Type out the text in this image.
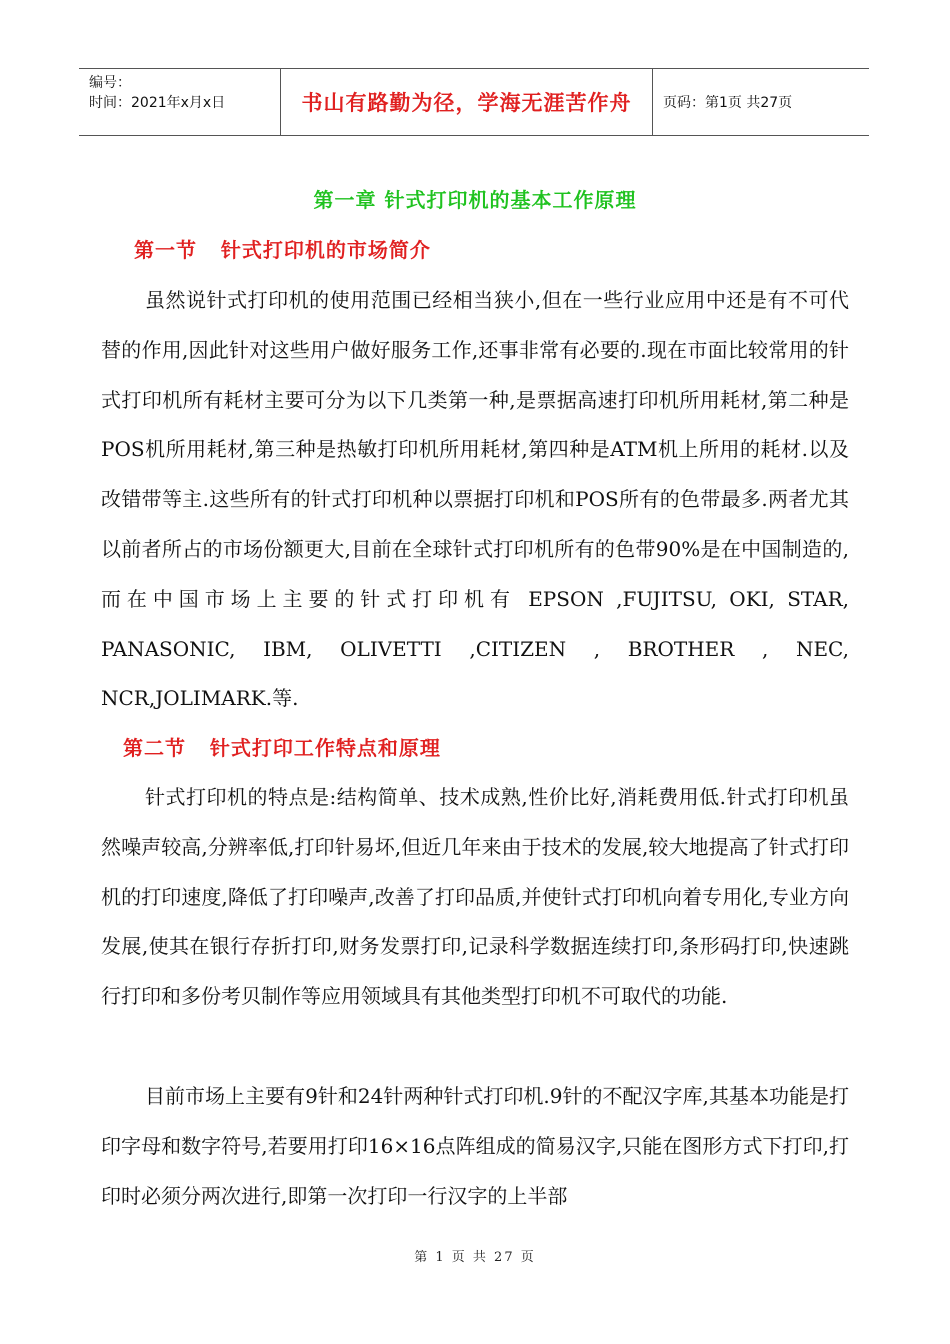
编号：
时间：2021年x月x日	书山有路勤为径，学海无涯苦作舟	页码：第1页 共27页
第一章 针式打印机的基本工作原理
第一节   针式打印机的市场简介

虽然说针式打印机的使用范围已经相当狭小,但在一些行业应用中还是有不可代替的作用,因此针对这些用户做好服务工作,还事非常有必要的.现在市面比较常用的针式打印机所有耗材主要可分为以下几类第一种,是票据高速打印机所用耗材,第二种是POS机所用耗材,第三种是热敏打印机所用耗材,第四种是ATM机上所用的耗材.以及改错带等主.这些所有的针式打印机种以票据打印机和POS所有的色带最多.两者尤其以前者所占的市场份额更大,目前在全球针式打印机所有的色带90%是在中国制造的,而在中国市场上主要的针式打印机有 EPSON ,FUJITSU, OKI, STAR, PANASONIC, IBM, OLIVETTI ,CITIZEN , BROTHER , NEC, NCR,JOLIMARK.等.

第二节   针式打印工作特点和原理

针式打印机的特点是:结构简单、技术成熟,性价比好,消耗费用低.针式打印机虽然噪声较高,分辨率低,打印针易坏,但近几年来由于技术的发展,较大地提高了针式打印机的打印速度,降低了打印噪声,改善了打印品质,并使针式打印机向着专用化,专业方向发展,使其在银行存折打印,财务发票打印,记录科学数据连续打印,条形码打印,快速跳行打印和多份考贝制作等应用领域具有其他类型打印机不可取代的功能.

目前市场上主要有9针和24针两种针式打印机.9针的不配汉字库,其基本功能是打印字母和数字符号,若要用打印16×16点阵组成的简易汉字,只能在图形方式下打印,打印时必须分两次进行,即第一次打印一行汉字的上半部

第 1 页 共 27 页
